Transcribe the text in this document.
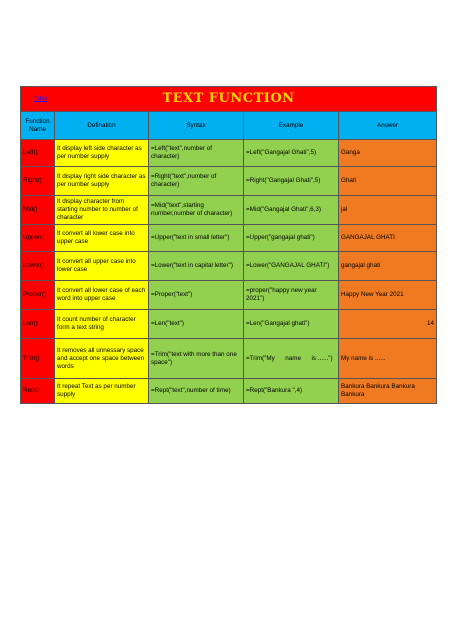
Index TEXT FUNCTION				

Function Name	Defination	Syntax	Example	Answer
Left()	It display left side character as per number supply	=Left("text",number of character)	=Left("Gangajal Ghati",5)	Ganga
Right()	It display right side character as per number supply	=Right("text",number of character)	=Right("Gangajal Ghati",5)	Ghati
Mid()	It display character from starting number to number of character	=Mid("text",starting number,number of character)	=Mid("Gangajal Ghati",6,3)	jal
Upper()	It convert all lower case into upper case	=Upper("text in small letter")	=Upper("gangajal ghati")	GANGAJAL GHATI
Lower()	It convert all upper case into lower case	=Lower("text in capital letter")	=Lower("GANGAJAL GHATI")	gangajal ghati
Proper()	It convert all lower case of each word into upper case	=Proper("text")	=proper("happy new year 2021")	Happy New Year 2021
Len()	It count number of character form a text string	=Len("text")	=Len("Gangajal ghati")	14
Trim()	It removes all unnessary space and accept one space between words	=Trim("text with more than one space")	=Trim("My      name      is ......")	My name is ......
Rept()	It repeat Text as per number supply	=Rept("text",number of time)	=Rept("Bankura ",4)	Bankura Bankura Bankura Bankura
